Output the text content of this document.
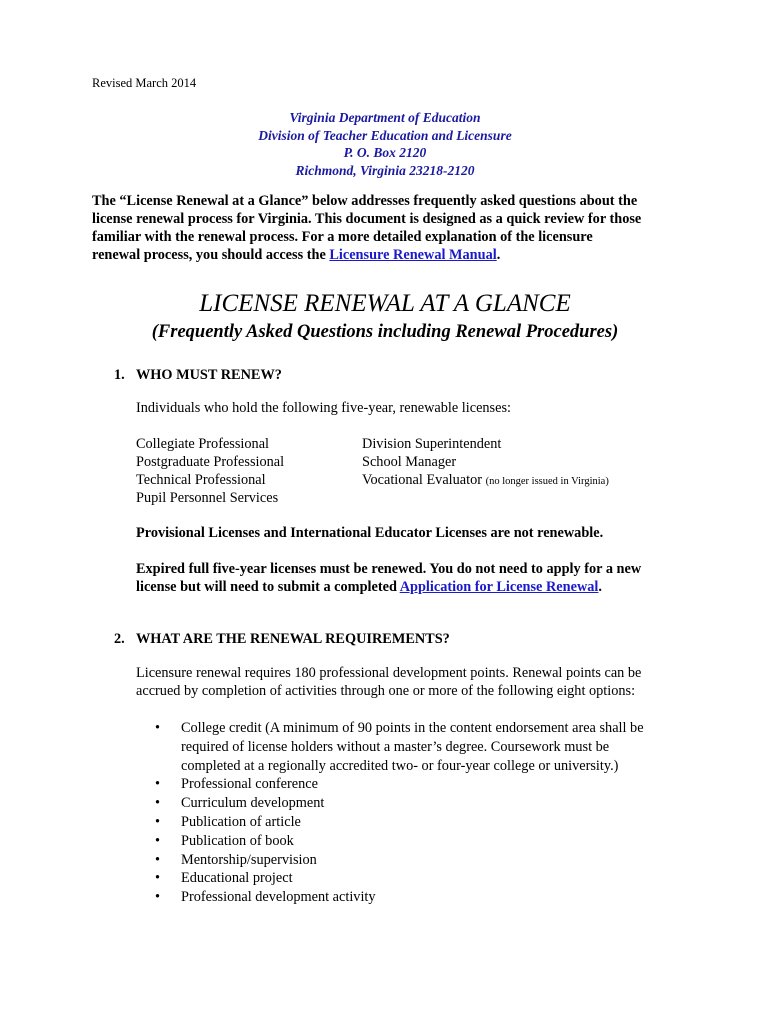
Revised March 2014
Virginia Department of Education
Division of Teacher Education and Licensure
P. O. Box 2120
Richmond, Virginia 23218-2120
The “License Renewal at a Glance” below addresses frequently asked questions about the
license renewal process for Virginia. This document is designed as a quick review for those
familiar with the renewal process. For a more detailed explanation of the licensure
renewal process, you should access the Licensure Renewal Manual.
LICENSE RENEWAL AT A GLANCE
(Frequently Asked Questions including Renewal Procedures)
1. WHO MUST RENEW?
Individuals who hold the following five-year, renewable licenses:
Collegiate Professional
Postgraduate Professional
Technical Professional
Pupil Personnel Services
Division Superintendent
School Manager
Vocational Evaluator (no longer issued in Virginia)
Provisional Licenses and International Educator Licenses are not renewable.
Expired full five-year licenses must be renewed. You do not need to apply for a new
license but will need to submit a completed Application for License Renewal.
2. WHAT ARE THE RENEWAL REQUIREMENTS?
Licensure renewal requires 180 professional development points. Renewal points can be
accrued by completion of activities through one or more of the following eight options:
• College credit (A minimum of 90 points in the content endorsement area shall be
required of license holders without a master’s degree. Coursework must be
completed at a regionally accredited two- or four-year college or university.)
• Professional conference
• Curriculum development
• Publication of article
• Publication of book
• Mentorship/supervision
• Educational project
• Professional development activity
